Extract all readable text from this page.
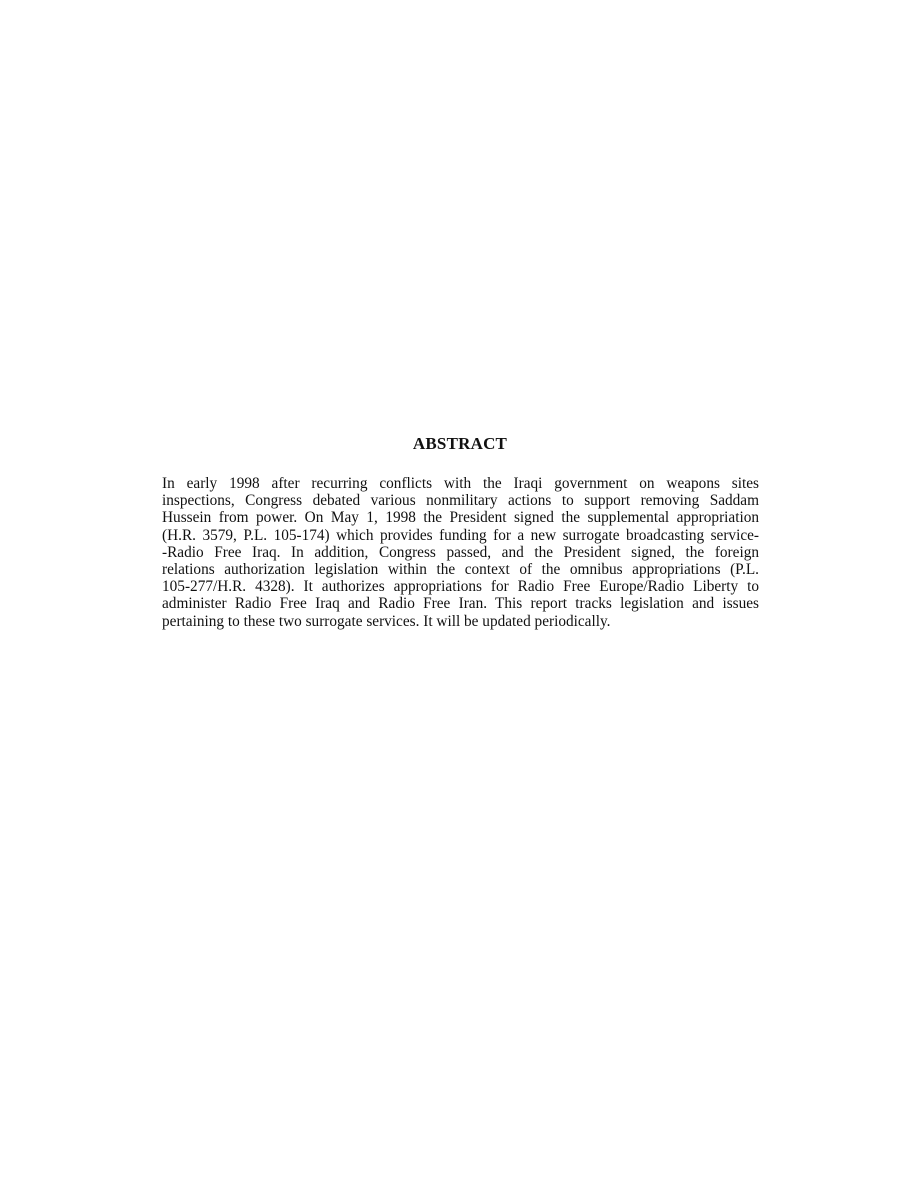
ABSTRACT
In early 1998 after recurring conflicts with the Iraqi government on weapons sites
inspections, Congress debated various nonmilitary actions to support removing Saddam
Hussein from power. On May 1, 1998 the President signed the supplemental appropriation
(H.R. 3579, P.L. 105-174) which provides funding for a new surrogate broadcasting service-
-Radio Free Iraq. In addition, Congress passed, and the President signed, the foreign
relations authorization legislation within the context of the omnibus appropriations (P.L.
105-277/H.R. 4328). It authorizes appropriations for Radio Free Europe/Radio Liberty to
administer Radio Free Iraq and Radio Free Iran. This report tracks legislation and issues
pertaining to these two surrogate services. It will be updated periodically.
